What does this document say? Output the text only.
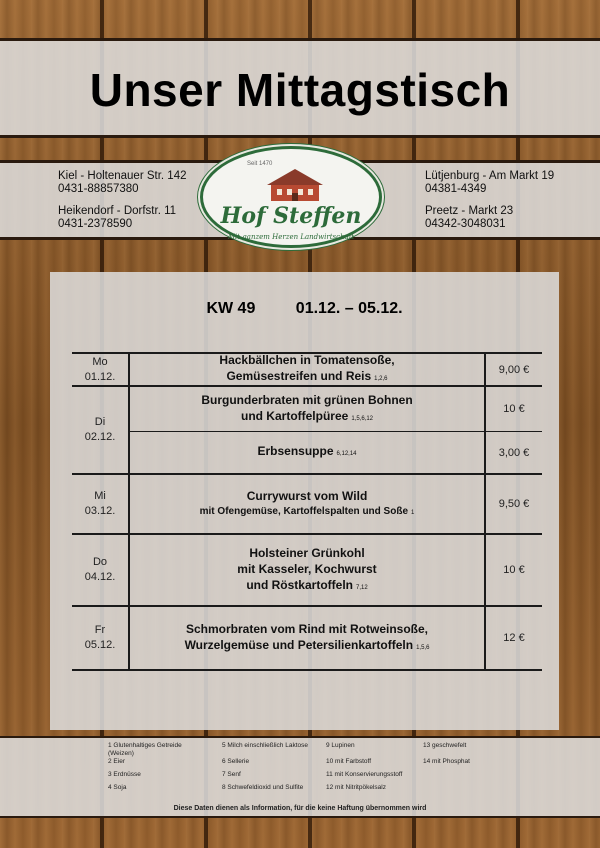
Unser Mittagstisch
Kiel - Holtenauer Str. 142
0431-88857380
Heikendorf - Dorfstr. 11
0431-2378590
Lütjenburg - Am Markt 19
04381-4349
Preetz - Markt 23
04342-3048031
Seit 1470
Hof Steffen
Mit ganzem Herzen Landwirtschaft
KW 49	01.12. – 05.12.
Mo
01.12.
Hackbällchen in Tomatensoße,
Gemüsestreifen und Reis 1,2,6
9,00 €
Di
02.12.
Burgunderbraten mit grünen Bohnen
und Kartoffelpüree 1,5,6,12
10 €
Erbsensuppe 6,12,14	3,00 €
Mi
03.12.
Currywurst vom Wild
mit Ofengemüse, Kartoffelspalten und Soße 1
9,50 €
Do
04.12.
Holsteiner Grünkohl
mit Kasseler, Kochwurst
und Röstkartoffeln 7,12
10 €
Fr
05.12.
Schmorbraten vom Rind mit Rotweinsoße,
Wurzelgemüse und Petersilienkartoffeln 1,5,6
12 €
1 Glutenhaltiges Getreide (Weizen)
2 Eier
3 Erdnüsse
4 Soja
5 Milch einschließlich Laktose
6 Sellerie
7 Senf
8 Schwefeldioxid und Sulfite
9 Lupinen
10 mit Farbstoff
11 mit Konservierungsstoff
12 mit Nitritpökelsalz
13 geschwefelt
14 mit Phosphat
Diese Daten dienen als Information, für die keine Haftung übernommen wird
